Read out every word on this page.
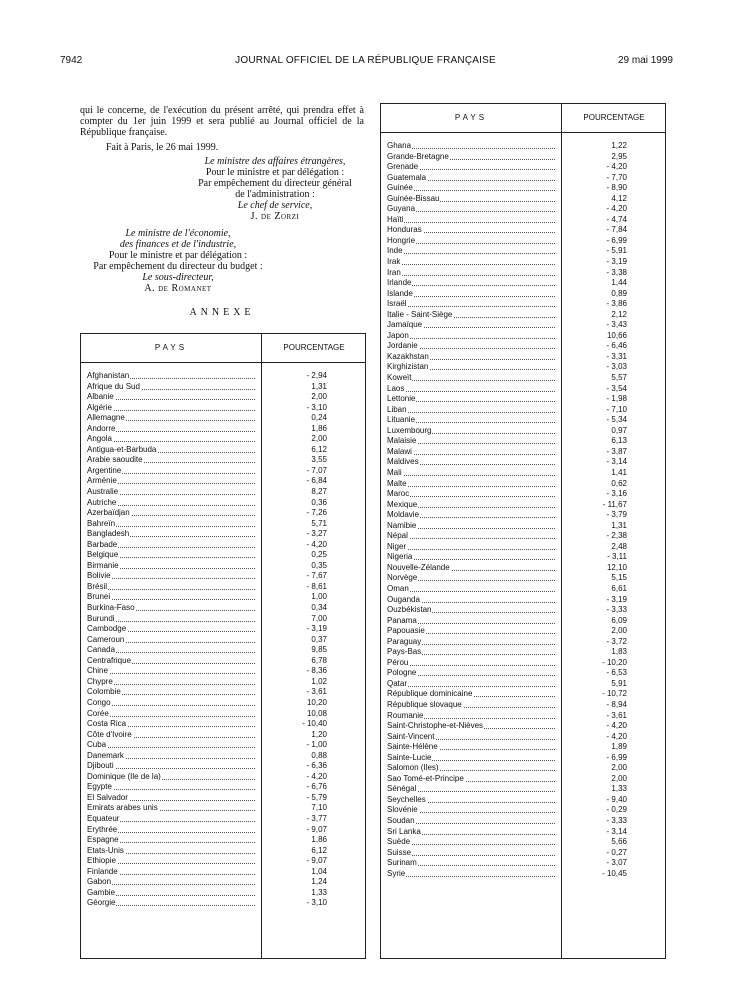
7942	JOURNAL OFFICIEL DE LA RÉPUBLIQUE FRANÇAISE	29 mai 1999

qui le concerne, de l'exécution du présent arrêté, qui prendra effet à compter du 1er juin 1999 et sera publié au Journal officiel de la République française.

Fait à Paris, le 26 mai 1999.
Le ministre des affaires étrangères,
Pour le ministre et par délégation :
Par empêchement du directeur général
de l'administration :
Le chef de service,
J. de Zorzi
Le ministre de l'économie,
des finances et de l'industrie,
Pour le ministre et par délégation :
Par empêchement du directeur du budget :
Le sous-directeur,
A. de Romanet
ANNEXE
PAYS	POURCENTAGE
Afghanistan	- 2,94
Afrique du Sud	1,31
Albanie	2,00
Algérie	- 3,10
Allemagne	0,24
Andorre	1,86
Angola	2,00
Antigua-et-Barbuda	6,12
Arabie saoudite	3,55
Argentine	- 7,07
Arménie	- 6,84
Australie	8,27
Autriche	0,36
Azerbaïdjan	- 7,26
Bahreïn	5,71
Bangladesh	- 3,27
Barbade	- 4,20
Belgique	0,25
Birmanie	0,35
Bolivie	- 7,67
Brésil	- 8,61
Brunei	1,00
Burkina-Faso	0,34
Burundi	7,00
Cambodge	- 3,19
Cameroun	0,37
Canada	9,85
Centrafrique	6,78
Chine	- 8,36
Chypre	1,02
Colombie	- 3,61
Congo	10,20
Corée	10,08
Costa Rica	- 10,40
Côte d'Ivoire	1,20
Cuba	- 1,00
Danemark	0,88
Djibouti	- 6,36
Dominique (Ile de la)	- 4,20
Egypte	- 6,76
El Salvador	- 5,79
Emirats arabes unis	7,10
Equateur	- 3,77
Erythrée	- 9,07
Espagne	1,86
Etats-Unis	6,12
Ethiopie	- 9,07
Finlande	1,04
Gabon	1,24
Gambie	1,33
Géorgie	- 3,10
PAYS	POURCENTAGE
Ghana	1,22
Grande-Bretagne	2,95
Grenade	- 4,20
Guatemala	- 7,70
Guinée	- 8,90
Guinée-Bissau	4,12
Guyana	- 4,20
Haïti	- 4,74
Honduras	- 7,84
Hongrie	- 6,99
Inde	- 5,91
Irak	- 3,19
Iran	- 3,38
Irlande	1,44
Islande	0,89
Israël	- 3,86
Italie - Saint-Siège	2,12
Jamaïque	- 3,43
Japon	10,66
Jordanie	- 6,46
Kazakhstan	- 3,31
Kirghizistan	- 3,03
Koweït	5,57
Laos	- 3,54
Lettonie	- 1,98
Liban	- 7,10
Lituanie	- 5,34
Luxembourg	0,97
Malaisie	6,13
Malawi	- 3,87
Maldives	- 3,14
Mali	1,41
Malte	0,62
Maroc	- 3,16
Mexique	- 11,67
Moldavie	- 3,79
Namibie	1,31
Népal	- 2,38
Niger	2,48
Nigeria	- 3,11
Nouvelle-Zélande	12,10
Norvège	5,15
Oman	6,61
Ouganda	- 3,19
Ouzbékistan	- 3,33
Panama	6,09
Papouasie	2,00
Paraguay	- 3,72
Pays-Bas	1,83
Pérou	- 10,20
Pologne	- 6,53
Qatar	5,91
République dominicaine	- 10,72
République slovaque	- 8,94
Roumanie	- 3,61
Saint-Christophe-et-Nièves	- 4,20
Saint-Vincent	- 4,20
Sainte-Hélène	1,89
Sainte-Lucie	- 6,99
Salomon (Iles)	2,00
Sao Tomé-et-Principe	2,00
Sénégal	1,33
Seychelles	- 9,40
Slovénie	- 0,29
Soudan	- 3,33
Sri Lanka	- 3,14
Suède	5,66
Suisse	- 0,27
Surinam	- 3,07
Syrie	- 10,45
